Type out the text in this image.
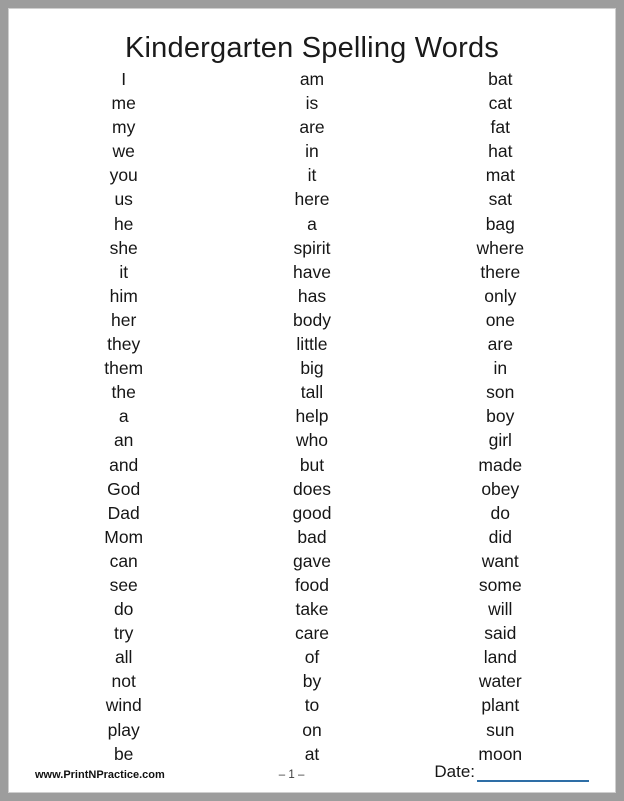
Kindergarten Spelling Words
I
me
my
we
you
us
he
she
it
him
her
they
them
the
a
an
and
God
Dad
Mom
can
see
do
try
all
not
wind
play
be
am
is
are
in
it
here
a
spirit
have
has
body
little
big
tall
help
who
but
does
good
bad
gave
food
take
care
of
by
to
on
at
bat
cat
fat
hat
mat
sat
bag
where
there
only
one
are
in
son
boy
girl
made
obey
do
did
want
some
will
said
land
water
plant
sun
moon
www.PrintNPractice.com	– 1 –	Date:
